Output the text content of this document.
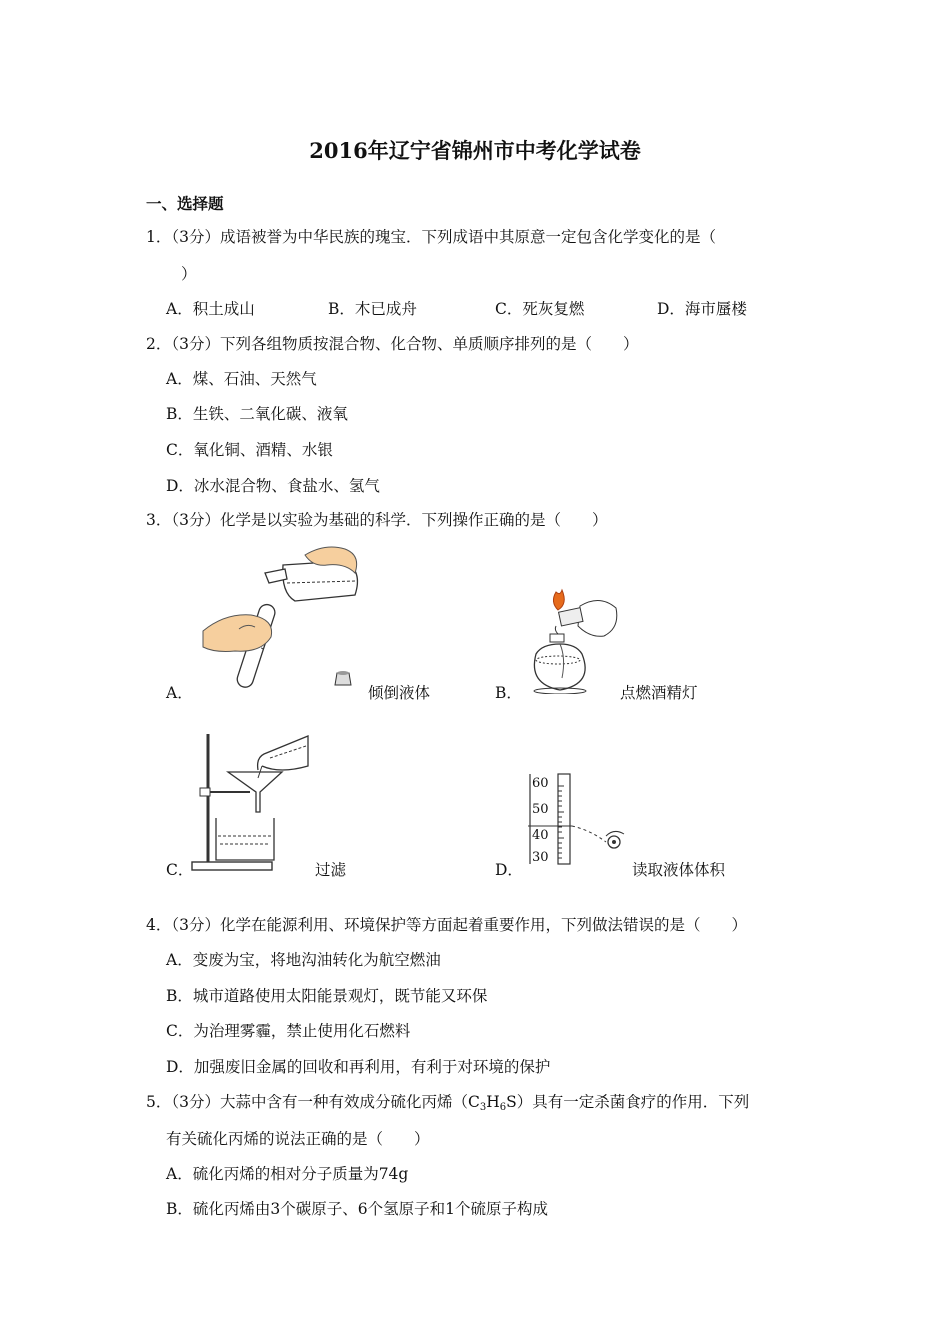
2016年辽宁省锦州市中考化学试卷
一、选择题
1．（3分）成语被誉为中华民族的瑰宝．下列成语中其原意一定包含化学变化的是（
）
A．积土成山	B．木已成舟	C．死灰复燃	D．海市蜃楼
2．（3分）下列各组物质按混合物、化合物、单质顺序排列的是（　　）
A．煤、石油、天然气
B．生铁、二氧化碳、液氧
C．氧化铜、酒精、水银
D．冰水混合物、食盐水、氢气
3．（3分）化学是以实验为基础的科学．下列操作正确的是（　　）
A．	倾倒液体	B．	点燃酒精灯
C．	过滤
60
50
40
30
D．	读取液体体积
4．（3分）化学在能源利用、环境保护等方面起着重要作用，下列做法错误的是（　　）
A．变废为宝，将地沟油转化为航空燃油
B．城市道路使用太阳能景观灯，既节能又环保
C．为治理雾霾，禁止使用化石燃料
D．加强废旧金属的回收和再利用，有利于对环境的保护
5．（3分）大蒜中含有一种有效成分硫化丙烯$(C_3H_6S)$具有一定杀菌食疗的作用．下列
有关硫化丙烯的说法正确的是（　　）
A．硫化丙烯的相对分子质量为74g
B．硫化丙烯由3个碳原子、6个氢原子和1个硫原子构成
